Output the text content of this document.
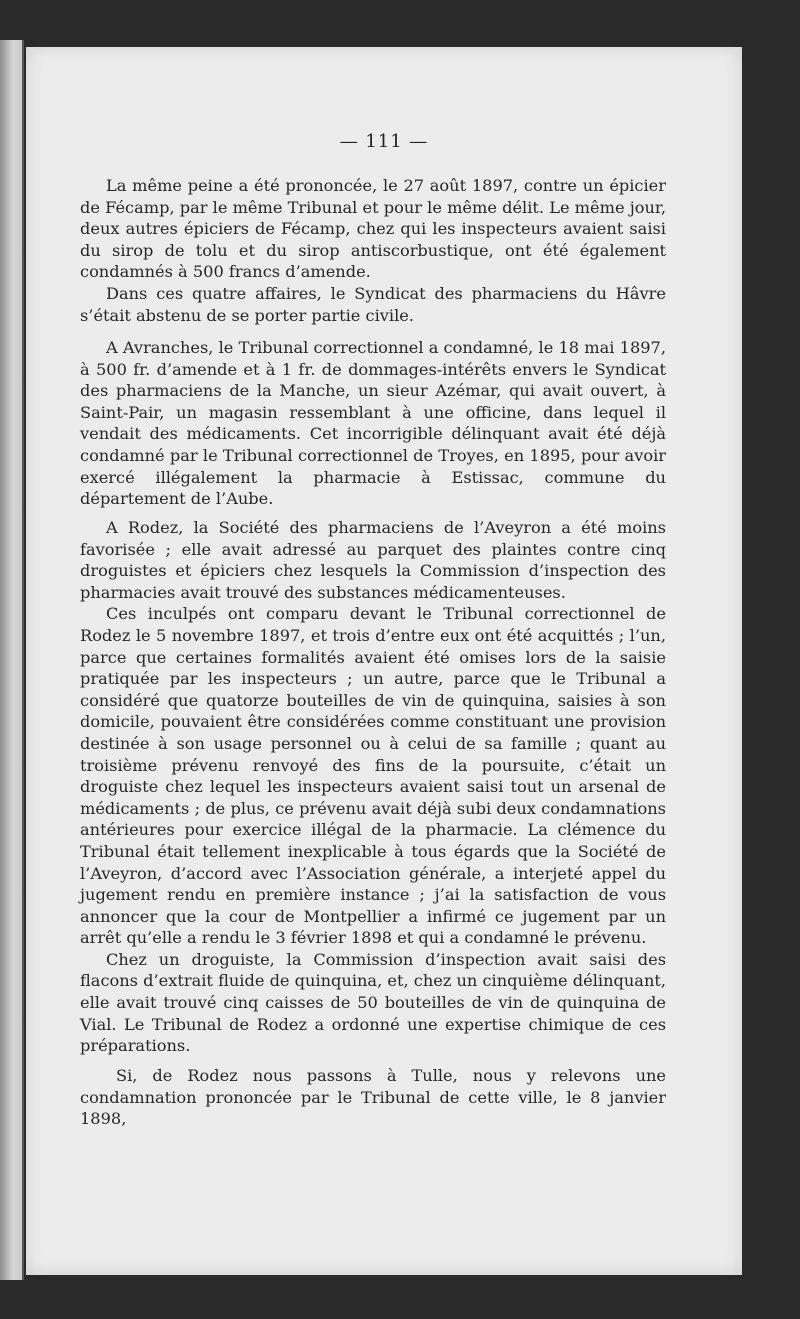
— 111 —

La même peine a été prononcée, le 27 août 1897, contre un épicier de Fécamp, par le même Tribunal et pour le même délit. Le même jour, deux autres épiciers de Fécamp, chez qui les inspecteurs avaient saisi du sirop de tolu et du sirop antiscorbustique, ont été également condamnés à 500 francs d’amende.

Dans ces quatre affaires, le Syndicat des pharmaciens du Hâvre s’était abstenu de se porter partie civile.

A Avranches, le Tribunal correctionnel a condamné, le 18 mai 1897, à 500 fr. d’amende et à 1 fr. de dommages-intérêts envers le Syndicat des pharmaciens de la Manche, un sieur Azémar, qui avait ouvert, à Saint-Pair, un magasin ressemblant à une officine, dans lequel il vendait des médicaments. Cet incorrigible délinquant avait été déjà condamné par le Tribunal correctionnel de Troyes, en 1895, pour avoir exercé illégalement la pharmacie à Estissac, commune du département de l’Aube.

A Rodez, la Société des pharmaciens de l’Aveyron a été moins favorisée ; elle avait adressé au parquet des plaintes contre cinq droguistes et épiciers chez lesquels la Commission d’inspection des pharmacies avait trouvé des substances médicamenteuses.

Ces inculpés ont comparu devant le Tribunal correctionnel de Rodez le 5 novembre 1897, et trois d’entre eux ont été acquittés ; l’un, parce que certaines formalités avaient été omises lors de la saisie pratiquée par les inspecteurs ; un autre, parce que le Tribunal a considéré que quatorze bouteilles de vin de quinquina, saisies à son domicile, pouvaient être considérées comme constituant une provision destinée à son usage personnel ou à celui de sa famille ; quant au troisième prévenu renvoyé des fins de la poursuite, c’était un droguiste chez lequel les inspecteurs avaient saisi tout un arsenal de médicaments ; de plus, ce prévenu avait déjà subi deux condamnations antérieures pour exercice illégal de la pharmacie. La clémence du Tribunal était tellement inexplicable à tous égards que la Société de l’Aveyron, d’accord avec l’Association générale, a interjeté appel du jugement rendu en première instance ; j’ai la satisfaction de vous annoncer que la cour de Montpellier a infirmé ce jugement par un arrêt qu’elle a rendu le 3 février 1898 et qui a condamné le prévenu.

Chez un droguiste, la Commission d’inspection avait saisi des flacons d’extrait fluide de quinquina, et, chez un cinquième délinquant, elle avait trouvé cinq caisses de 50 bouteilles de vin de quinquina de Vial. Le Tribunal de Rodez a ordonné une expertise chimique de ces préparations.

Si, de Rodez nous passons à Tulle, nous y relevons une condamnation prononcée par le Tribunal de cette ville, le 8 janvier 1898,
